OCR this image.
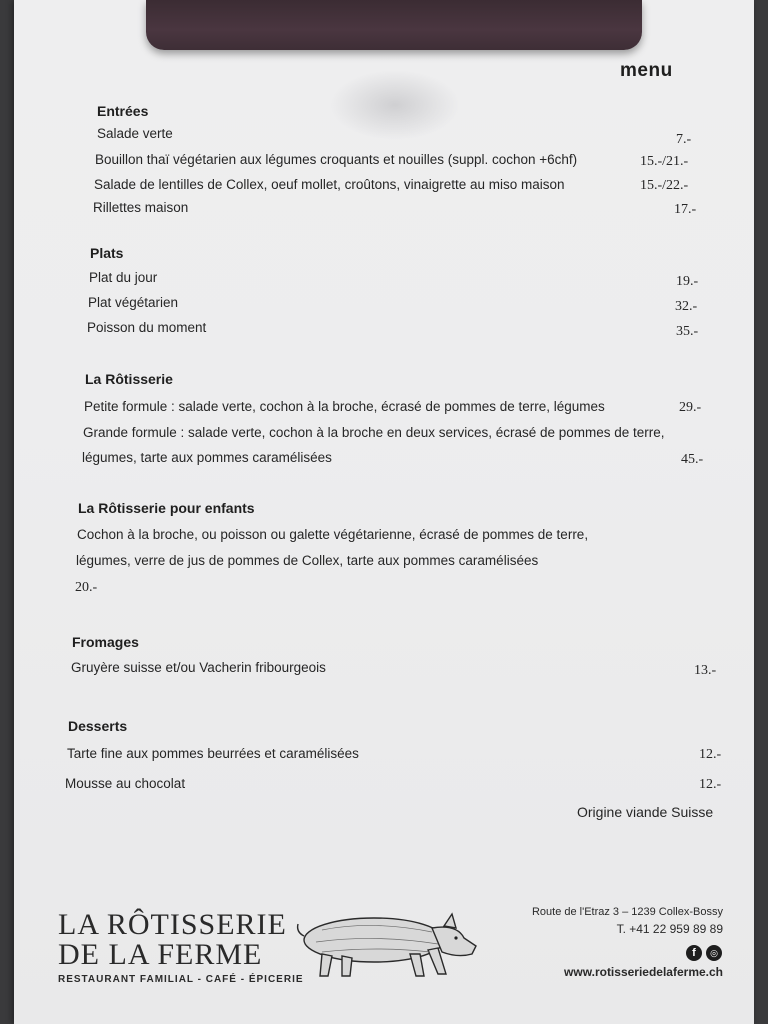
menu
Entrées
Salade verte	7.-
Bouillon thaï végétarien aux légumes croquants et nouilles (suppl. cochon +6chf)	15.-/21.-
Salade de lentilles de Collex, oeuf mollet, croûtons, vinaigrette au miso maison	15.-/22.-
Rillettes maison	17.-
Plats
Plat du jour	19.-
Plat végétarien	32.-
Poisson du moment	35.-
La Rôtisserie
Petite formule : salade verte, cochon à la broche, écrasé de pommes de terre, légumes	29.-
Grande formule : salade verte, cochon à la broche en deux services, écrasé de pommes de terre,
légumes, tarte aux pommes caramélisées	45.-
La Rôtisserie pour enfants
Cochon à la broche, ou poisson ou galette végétarienne, écrasé de pommes de terre,
légumes, verre de jus de pommes de Collex, tarte aux pommes caramélisées
20.-
Fromages
Gruyère suisse et/ou Vacherin fribourgeois	13.-
Desserts
Tarte fine aux pommes beurrées et caramélisées	12.-
Mousse au chocolat	12.-
Origine viande Suisse
LA RÔTISSERIE
DE LA FERME
RESTAURANT FAMILIAL - CAFÉ - ÉPICERIE
Route de l'Etraz 3 – 1239 Collex-Bossy
T. +41 22 959 89 89
f	◎
www.rotisseriedelaferme.ch
